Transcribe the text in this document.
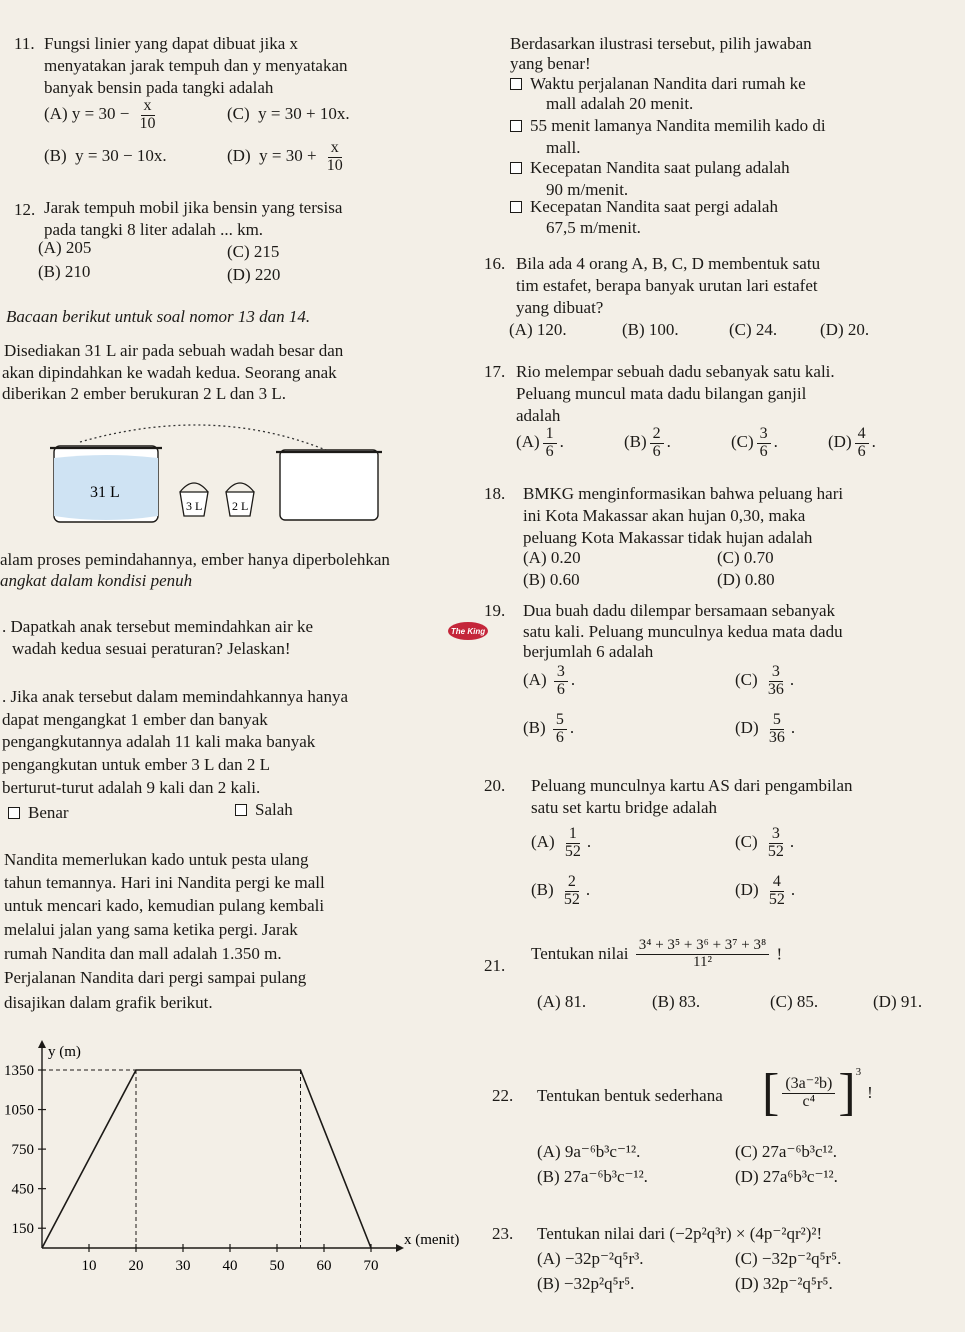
11. Fungsi linier yang dapat dibuat jika x
menyatakan jarak tempuh dan y menyatakan
banyak bensin pada tangki adalah
(A) $y = 30 - \frac{x}{10}$	(C) y = 30 + 10x.
(B) y = 30 − 10x.	(D) $y = 30 + \frac{x}{10}$
12. Jarak tempuh mobil jika bensin yang tersisa
pada tangki 8 liter adalah ... km.
(A) 205	(C) 215
(B) 210	(D) 220
Bacaan berikut untuk soal nomor 13 dan 14.
Disediakan 31 L air pada sebuah wadah besar dan
akan dipindahkan ke wadah kedua. Seorang anak
diberikan 2 ember berukuran 2 L dan 3 L.
31 L
3 L 2 L
alam proses pemindahannya, ember hanya diperbolehkan
angkat dalam kondisi penuh
. Dapatkah anak tersebut memindahkan air ke
wadah kedua sesuai peraturan? Jelaskan!
. Jika anak tersebut dalam memindahkannya hanya
dapat mengangkat 1 ember dan banyak
pengangkutannya adalah 11 kali maka banyak
pengangkutan untuk ember 3 L dan 2 L
berturut-turut adalah 9 kali dan 2 kali.
Benar	Salah
Nandita memerlukan kado untuk pesta ulang
tahun temannya. Hari ini Nandita pergi ke mall
untuk mencari kado, kemudian pulang kembali
melalui jalan yang sama ketika pergi. Jarak
rumah Nandita dan mall adalah 1.350 m.
Perjalanan Nandita dari pergi sampai pulang
disajikan dalam grafik berikut.
y (m)
x (menit)
1350
1050
750
450
150
10 20 30 40 50 60 70
Berdasarkan ilustrasi tersebut, pilih jawaban
yang benar!
Waktu perjalanan Nandita dari rumah ke
mall adalah 20 menit.
55 menit lamanya Nandita memilih kado di
mall.
Kecepatan Nandita saat pulang adalah
90 m/menit.
Kecepatan Nandita saat pergi adalah
67,5 m/menit.
16. Bila ada 4 orang A, B, C, D membentuk satu
tim estafet, berapa banyak urutan lari estafet
yang dibuat?
(A) 120.	(B) 100.	(C) 24.	(D) 20.
17. Rio melempar sebuah dadu sebanyak satu kali.
Peluang muncul mata dadu bilangan ganjil
adalah
$(A) \frac{1}{6}$ .	$(B) \frac{2}{6}$ .	$(C) \frac{3}{6}$ .	$(D) \frac{4}{6}$ .
18. BMKG menginformasikan bahwa peluang hari
ini Kota Makassar akan hujan 0,30, maka
peluang Kota Makassar tidak hujan adalah
(A) 0.20	(C) 0.70
(B) 0.60	(D) 0.80
19. Dua buah dadu dilempar bersamaan sebanyak
satu kali. Peluang munculnya kedua mata dadu
berjumlah 6 adalah
The King
$(A) \frac{3}{6}$ .	$(C) \frac{3}{36}$ .
$(B) \frac{5}{6}$ .	$(D) \frac{5}{36}$ .
20. Peluang munculnya kartu AS dari pengambilan
satu set kartu bridge adalah
$(A) \frac{1}{52}$ .	$(C) \frac{3}{52}$ .
$(B) \frac{2}{52}$ .	$(D) \frac{4}{52}$ .
21.
Tentukan nilai $\frac{\text{3⁴ + 3⁵ + 3⁶ + 3⁷ + 3⁸}}{\text{11²}}$ !
(A) 81.	(B) 83.	(C) 85.	(D) 91.
22. Tentukan bentuk sederhana [ $\frac{\text{(3a⁻²b)}}{\text{c⁴}}$ ] 3
!
(A) 9a⁻⁶b³c⁻¹².	(C) 27a⁻⁶b³c¹².
(B) 27a⁻⁶b³c⁻¹².	(D) 27a⁶b³c⁻¹².
23. Tentukan nilai dari (−2p²q³r) × (4p⁻²qr²)²!
(A) −32p⁻²q⁵r³.	(C) −32p⁻²q⁵r⁵.
(B) −32p²q⁵r⁵.	(D) 32p⁻²q⁵r⁵.
